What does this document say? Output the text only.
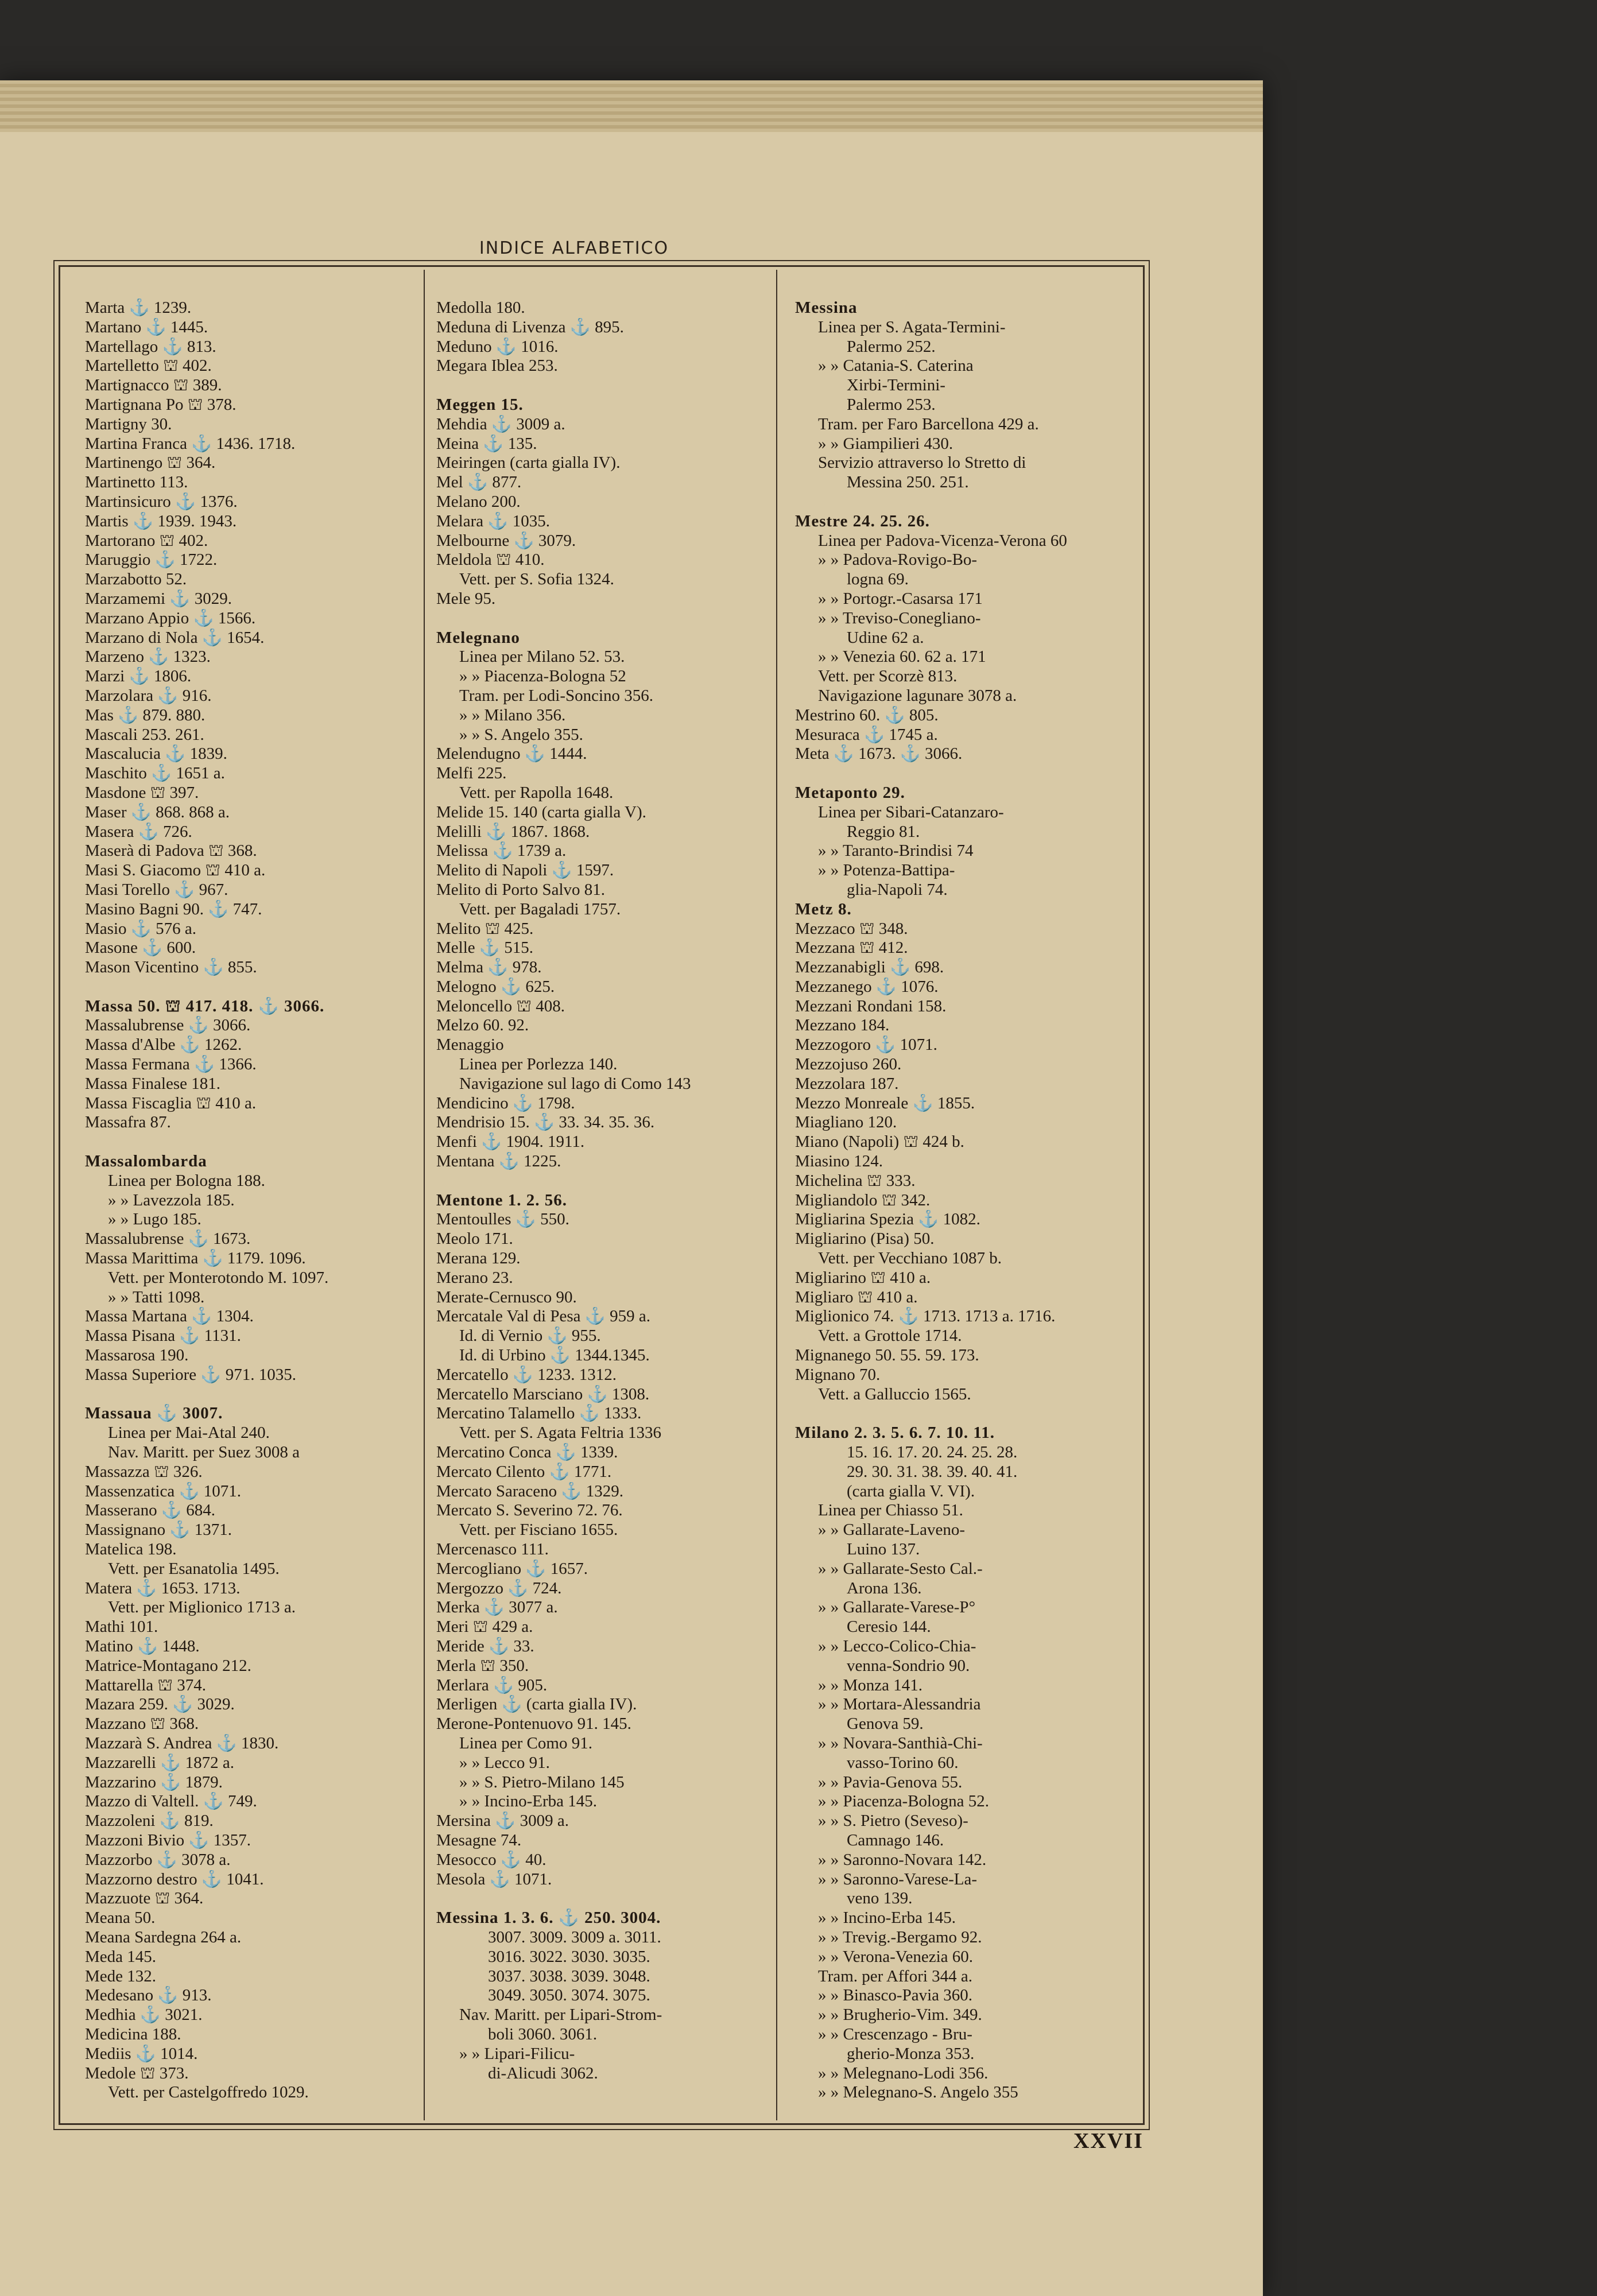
INDICE ALFABETICO
Marta ⚓ 1239.
Martano ⚓ 1445.
Martellago ⚓ 813.
Martelletto ⛫ 402.
Martignacco ⛫ 389.
Martignana Po ⛫ 378.
Martigny 30.
Martina Franca ⚓ 1436. 1718.
Martinengo ⛫ 364.
Martinetto 113.
Martinsicuro ⚓ 1376.
Martis ⚓ 1939. 1943.
Martorano ⛫ 402.
Maruggio ⚓ 1722.
Marzabotto 52.
Marzamemi ⚓ 3029.
Marzano Appio ⚓ 1566.
Marzano di Nola ⚓ 1654.
Marzeno ⚓ 1323.
Marzi ⚓ 1806.
Marzolara ⚓ 916.
Mas ⚓ 879. 880.
Mascali 253. 261.
Mascalucia ⚓ 1839.
Maschito ⚓ 1651 a.
Masdone ⛫ 397.
Maser ⚓ 868. 868 a.
Masera ⚓ 726.
Maserà di Padova ⛫ 368.
Masi S. Giacomo ⛫ 410 a.
Masi Torello ⚓ 967.
Masino Bagni 90. ⚓ 747.
Masio ⚓ 576 a.
Masone ⚓ 600.
Mason Vicentino ⚓ 855.
Massa 50. ⛫ 417. 418. ⚓ 3066.
Massalubrense ⚓ 3066.
Massa d'Albe ⚓ 1262.
Massa Fermana ⚓ 1366.
Massa Finalese 181.
Massa Fiscaglia ⛫ 410 a.
Massafra 87.
Massalombarda
Linea per Bologna 188.
» » Lavezzola 185.
» » Lugo 185.
Massalubrense ⚓ 1673.
Massa Marittima ⚓ 1179. 1096.
Vett. per Monterotondo M. 1097.
» » Tatti 1098.
Massa Martana ⚓ 1304.
Massa Pisana ⚓ 1131.
Massarosa 190.
Massa Superiore ⚓ 971. 1035.
Massaua ⚓ 3007.
Linea per Mai-Atal 240.
Nav. Maritt. per Suez 3008 a
Massazza ⛫ 326.
Massenzatica ⚓ 1071.
Masserano ⚓ 684.
Massignano ⚓ 1371.
Matelica 198.
Vett. per Esanatolia 1495.
Matera ⚓ 1653. 1713.
Vett. per Miglionico 1713 a.
Mathi 101.
Matino ⚓ 1448.
Matrice-Montagano 212.
Mattarella ⛫ 374.
Mazara 259. ⚓ 3029.
Mazzano ⛫ 368.
Mazzarà S. Andrea ⚓ 1830.
Mazzarelli ⚓ 1872 a.
Mazzarino ⚓ 1879.
Mazzo di Valtell. ⚓ 749.
Mazzoleni ⚓ 819.
Mazzoni Bivio ⚓ 1357.
Mazzorbo ⚓ 3078 a.
Mazzorno destro ⚓ 1041.
Mazzuote ⛫ 364.
Meana 50.
Meana Sardegna 264 a.
Meda 145.
Mede 132.
Medesano ⚓ 913.
Medhia ⚓ 3021.
Medicina 188.
Mediis ⚓ 1014.
Medole ⛫ 373.
Vett. per Castelgoffredo 1029.
Medolla 180.
Meduna di Livenza ⚓ 895.
Meduno ⚓ 1016.
Megara Iblea 253.
Meggen 15.
Mehdia ⚓ 3009 a.
Meina ⚓ 135.
Meiringen (carta gialla IV).
Mel ⚓ 877.
Melano 200.
Melara ⚓ 1035.
Melbourne ⚓ 3079.
Meldola ⛫ 410.
Vett. per S. Sofia 1324.
Mele 95.
Melegnano
Linea per Milano 52. 53.
» » Piacenza-Bologna 52
Tram. per Lodi-Soncino 356.
» » Milano 356.
» » S. Angelo 355.
Melendugno ⚓ 1444.
Melfi 225.
Vett. per Rapolla 1648.
Melide 15. 140 (carta gialla V).
Melilli ⚓ 1867. 1868.
Melissa ⚓ 1739 a.
Melito di Napoli ⚓ 1597.
Melito di Porto Salvo 81.
Vett. per Bagaladi 1757.
Melito ⛫ 425.
Melle ⚓ 515.
Melma ⚓ 978.
Melogno ⚓ 625.
Meloncello ⛫ 408.
Melzo 60. 92.
Menaggio
Linea per Porlezza 140.
Navigazione sul lago di Como 143
Mendicino ⚓ 1798.
Mendrisio 15. ⚓ 33. 34. 35. 36.
Menfi ⚓ 1904. 1911.
Mentana ⚓ 1225.
Mentone 1. 2. 56.
Mentoulles ⚓ 550.
Meolo 171.
Merana 129.
Merano 23.
Merate-Cernusco 90.
Mercatale Val di Pesa ⚓ 959 a.
Id. di Vernio ⚓ 955.
Id. di Urbino ⚓ 1344.1345.
Mercatello ⚓ 1233. 1312.
Mercatello Marsciano ⚓ 1308.
Mercatino Talamello ⚓ 1333.
Vett. per S. Agata Feltria 1336
Mercatino Conca ⚓ 1339.
Mercato Cilento ⚓ 1771.
Mercato Saraceno ⚓ 1329.
Mercato S. Severino 72. 76.
Vett. per Fisciano 1655.
Mercenasco 111.
Mercogliano ⚓ 1657.
Mergozzo ⚓ 724.
Merka ⚓ 3077 a.
Meri ⛫ 429 a.
Meride ⚓ 33.
Merla ⛫ 350.
Merlara ⚓ 905.
Merligen ⚓ (carta gialla IV).
Merone-Pontenuovo 91. 145.
Linea per Como 91.
» » Lecco 91.
» » S. Pietro-Milano 145
» » Incino-Erba 145.
Mersina ⚓ 3009 a.
Mesagne 74.
Mesocco ⚓ 40.
Mesola ⚓ 1071.
Messina 1. 3. 6. ⚓ 250. 3004.
3007. 3009. 3009 a. 3011.
3016. 3022. 3030. 3035.
3037. 3038. 3039. 3048.
3049. 3050. 3074. 3075.
Nav. Maritt. per Lipari-Strom-
boli 3060. 3061.
» » Lipari-Filicu-
di-Alicudi 3062.
Messina
Linea per S. Agata-Termini-
Palermo 252.
» » Catania-S. Caterina
Xirbi-Termini-
Palermo 253.
Tram. per Faro Barcellona 429 a.
» » Giampilieri 430.
Servizio attraverso lo Stretto di
Messina 250. 251.
Mestre 24. 25. 26.
Linea per Padova-Vicenza-Verona 60
» » Padova-Rovigo-Bo-
logna 69.
» » Portogr.-Casarsa 171
» » Treviso-Conegliano-
Udine 62 a.
» » Venezia 60. 62 a. 171
Vett. per Scorzè 813.
Navigazione lagunare 3078 a.
Mestrino 60. ⚓ 805.
Mesuraca ⚓ 1745 a.
Meta ⚓ 1673. ⚓ 3066.
Metaponto 29.
Linea per Sibari-Catanzaro-
Reggio 81.
» » Taranto-Brindisi 74
» » Potenza-Battipa-
glia-Napoli 74.
Metz 8.
Mezzaco ⛫ 348.
Mezzana ⛫ 412.
Mezzanabigli ⚓ 698.
Mezzanego ⚓ 1076.
Mezzani Rondani 158.
Mezzano 184.
Mezzogoro ⚓ 1071.
Mezzojuso 260.
Mezzolara 187.
Mezzo Monreale ⚓ 1855.
Miagliano 120.
Miano (Napoli) ⛫ 424 b.
Miasino 124.
Michelina ⛫ 333.
Migliandolo ⛫ 342.
Migliarina Spezia ⚓ 1082.
Migliarino (Pisa) 50.
Vett. per Vecchiano 1087 b.
Migliarino ⛫ 410 a.
Migliaro ⛫ 410 a.
Miglionico 74. ⚓ 1713. 1713 a. 1716.
Vett. a Grottole 1714.
Mignanego 50. 55. 59. 173.
Mignano 70.
Vett. a Galluccio 1565.
Milano 2. 3. 5. 6. 7. 10. 11.
15. 16. 17. 20. 24. 25. 28.
29. 30. 31. 38. 39. 40. 41.
(carta gialla V. VI).
Linea per Chiasso 51.
» » Gallarate-Laveno-
Luino 137.
» » Gallarate-Sesto Cal.-
Arona 136.
» » Gallarate-Varese-P°
Ceresio 144.
» » Lecco-Colico-Chia-
venna-Sondrio 90.
» » Monza 141.
» » Mortara-Alessandria
Genova 59.
» » Novara-Santhià-Chi-
vasso-Torino 60.
» » Pavia-Genova 55.
» » Piacenza-Bologna 52.
» » S. Pietro (Seveso)-
Camnago 146.
» » Saronno-Novara 142.
» » Saronno-Varese-La-
veno 139.
» » Incino-Erba 145.
» » Trevig.-Bergamo 92.
» » Verona-Venezia 60.
Tram. per Affori 344 a.
» » Binasco-Pavia 360.
» » Brugherio-Vim. 349.
» » Crescenzago - Bru-
gherio-Monza 353.
» » Melegnano-Lodi 356.
» » Melegnano-S. Angelo 355
XXVII
